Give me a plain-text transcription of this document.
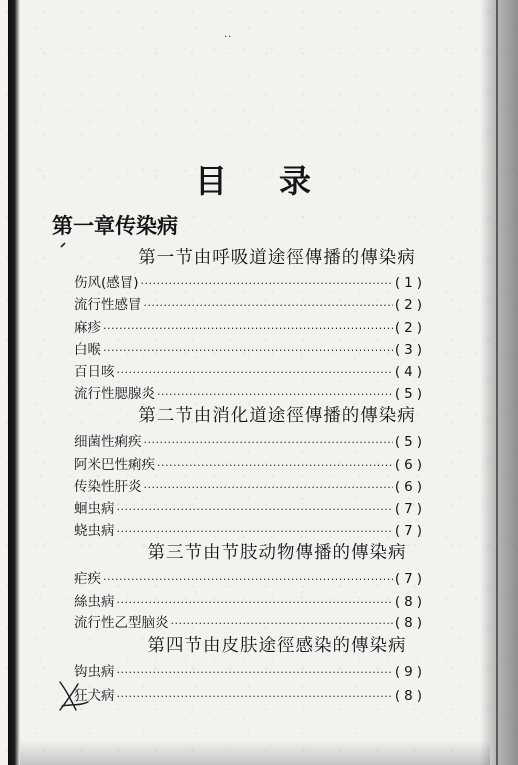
··
目录
第一章传染病
第一节由呼吸道途徑傳播的傳染病
伤风(感冒) ·····	(1)
流行性感冒 ·····	(2)
麻疹 ·····	(2)
白喉 ·····	(3)
百日咳 ·····	(4)
流行性腮腺炎 ·····	(5)
第二节由消化道途徑傳播的傳染病
细菌性痢疾 ·····	(5)
阿米巴性痢疾 ·····	(6)
传染性肝炎 ·····	(6)
蛔虫病 ·····	(7)
蛲虫病 ·····	(7)
第三节由节肢动物傳播的傳染病
疟疾 ·····	(7)
絲虫病 ·····	(8)
流行性乙型脑炎 ·····	(8)
第四节由皮肤途徑感染的傳染病
钩虫病 ·····	(9)
狂犬病 ·····	(8)
